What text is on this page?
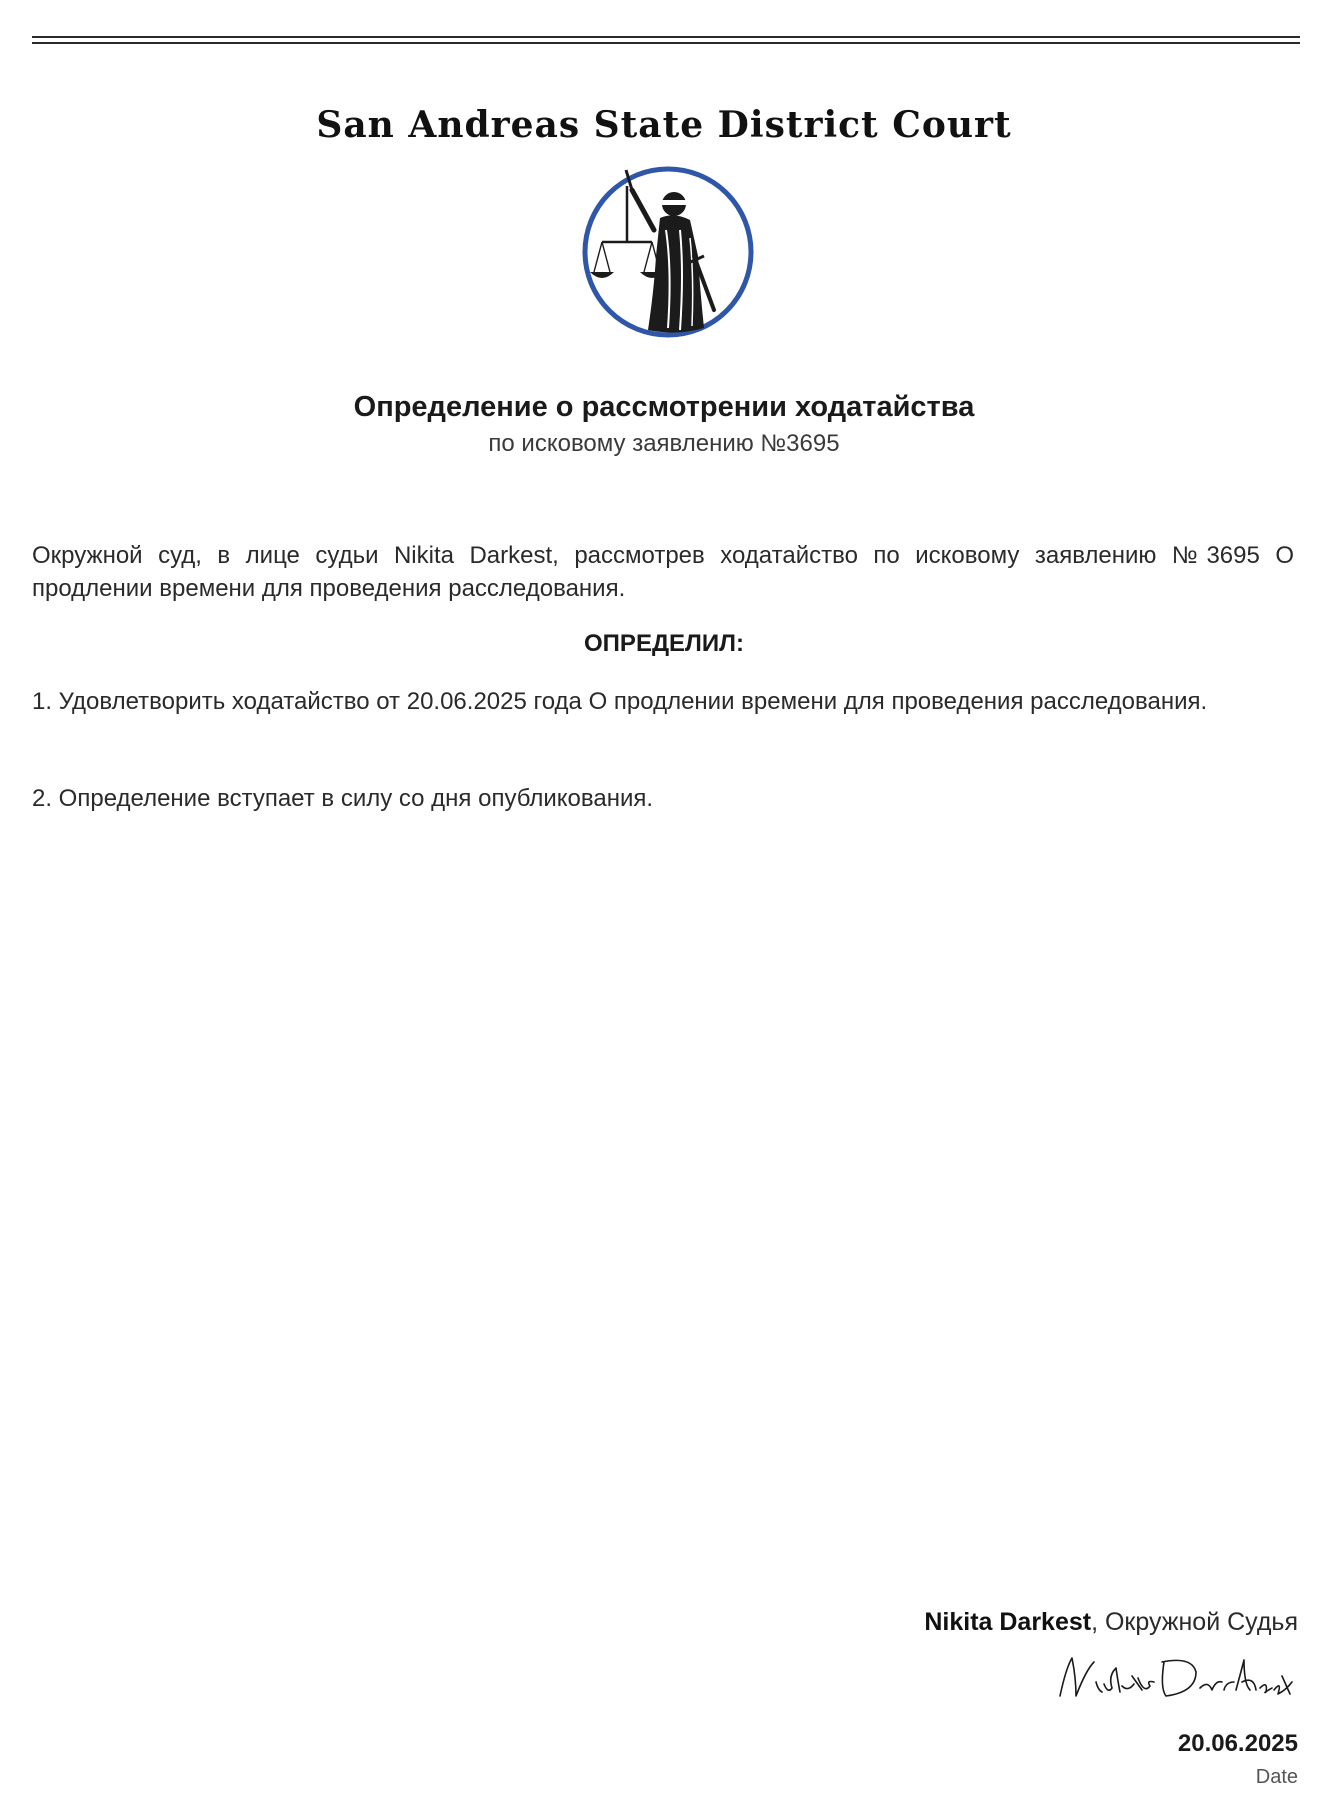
San Andreas State District Court
Определение о рассмотрении ходатайства
по исковому заявлению №3695
Окружной суд, в лице судьи Nikita Darkest, рассмотрев ходатайство по исковому заявлению №3695 О продлении времени для проведения расследования.
ОПРЕДЕЛИЛ:
1. Удовлетворить ходатайство от 20.06.2025 года О продлении времени для проведения расследования.
2. Определение вступает в силу со дня опубликования.
Nikita Darkest, Окружной Судья
20.06.2025
Date
